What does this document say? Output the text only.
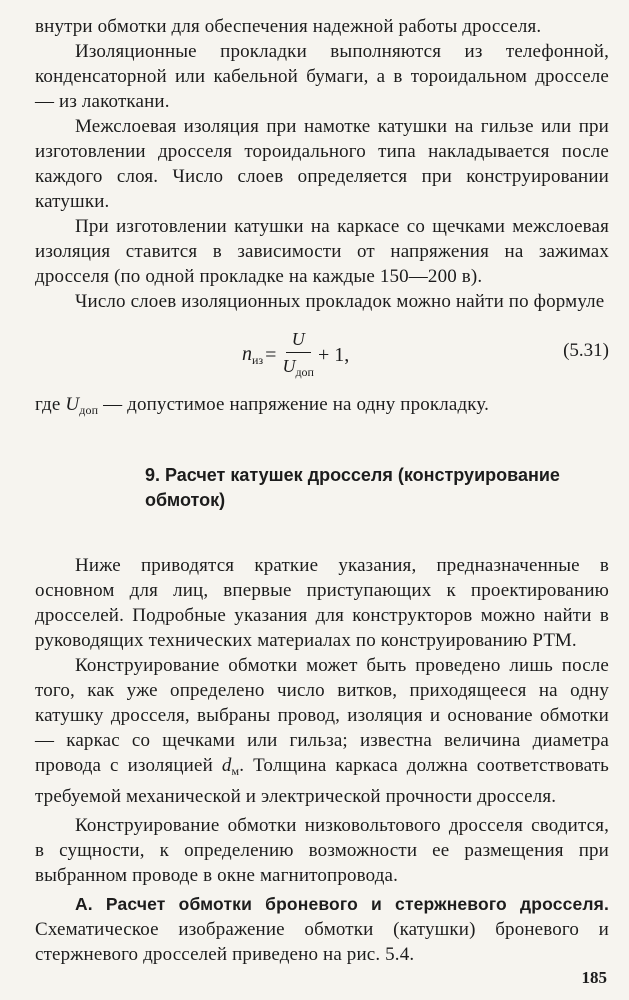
внутри обмотки для обеспечения надежной работы дросселя.

Изоляционные прокладки выполняются из телефонной, конденсаторной или кабельной бумаги, а в тороидальном дросселе — из лакоткани.

Межслоевая изоляция при намотке катушки на гильзе или при изготовлении дросселя тороидального типа накладывается после каждого слоя. Число слоев определяется при конструировании катушки.

При изготовлении катушки на каркасе со щечками межслоевая изоляция ставится в зависимости от напряжения на зажимах дросселя (по одной прокладке на каждые 150—200 в).

Число слоев изоляционных прокладок можно найти по формуле

$n_{из} = \frac{U}{U_{доп}} + 1$,	(5.31)

где $U_{доп}$ — допустимое напряжение на одну прокладку.

9. Расчет катушек дросселя (конструирование обмоток)

Ниже приводятся краткие указания, предназначенные в основном для лиц, впервые приступающих к проектированию дросселей. Подробные указания для конструкторов можно найти в руководящих технических материалах по конструированию РТМ.

Конструирование обмотки может быть проведено лишь после того, как уже определено число витков, приходящееся на одну катушку дросселя, выбраны провод, изоляция и основание обмотки — каркас со щечками или гильза; известна величина диаметра провода с изоляцией $d_м$. Толщина каркаса должна соответствовать требуемой механической и электрической прочности дросселя.

Конструирование обмотки низковольтового дросселя сводится, в сущности, к определению возможности ее размещения при выбранном проводе в окне магнитопровода.

А. Расчет обмотки броневого и стержневого дросселя. Схематическое изображение обмотки (катушки) броневого и стержневого дросселей приведено на рис. 5.4.

185
